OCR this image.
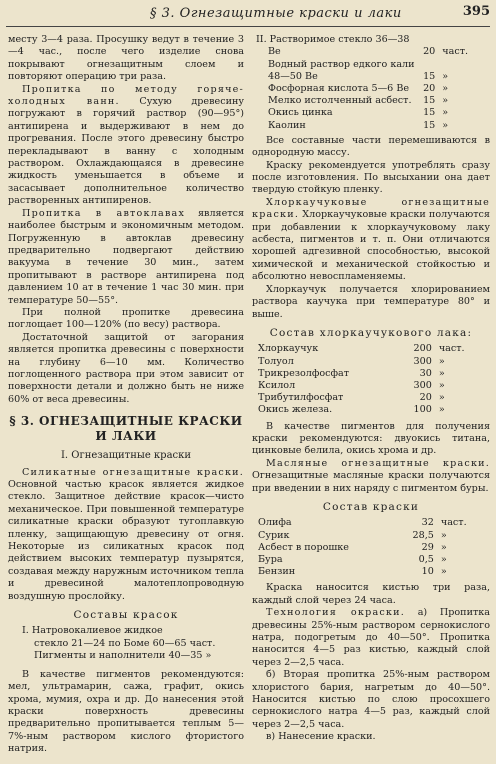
§ 3. Огнезащитные краски и лаки	395

месту 3—4 раза. Просушку ведут в течение 3—4 час., после чего изделие снова покрывают огнезащитным слоем и повторяют операцию три раза.

Пропитка по методу горяче-холодных ванн. Сухую древесину погружают в горячий раствор (90—95°) антипирена и выдерживают в нем до прогревания. После этого древесину быстро перекладывают в ванну с холодным раствором. Охлаждающаяся в древесине жидкость уменьшается в объеме и засасывает дополнительное количество растворенных антипиренов.

Пропитка в автоклавах является наиболее быстрым и экономичным методом. Погруженную в автоклав древесину предварительно подвергают действию вакуума в течение 30 мин., затем пропитывают в растворе антипирена под давлением 10 ат в течение 1 час 30 мин. при температуре 50—55°.

При полной пропитке древесина поглощает 100—120% (по весу) раствора.

Достаточной защитой от загорания является пропитка древесины с поверхности на глубину 6—10 мм. Количество поглощенного раствора при этом зависит от поверхности детали и должно быть не ниже 60% от веса древесины.

§ 3. ОГНЕЗАЩИТНЫЕ КРАСКИ И ЛАКИ
I. Огнезащитные краски

Силикатные огнезащитные краски. Основной частью красок является жидкое стекло. Защитное действие красок—чисто механическое. При повышенной температуре силикатные краски образуют тугоплавкую пленку, защищающую древесину от огня. Некоторые из силикатных красок под действием высоких температур пузырятся, создавая между наружным источником тепла и древесиной малотеплопроводную воздушную прослойку.

Составы красок
I. Натровокалиевое жидкое
стекло 21—24 по Боме 60—65 част.
Пигменты и наполнители 40—35 »

В качестве пигментов рекомендуются: мел, ультрамарин, сажа, графит, окись хрома, мумия, охра и др. До нанесения этой краски поверхность древесины предварительно пропитывается теплым 5—7%-ным раствором кислого фтористого натрия.

II. Растворимое стекло 36—38
Be	20	част.
Водный раствор едкого кали 48—50 Be	15	»
Фосфорная кислота 5—6 Be	20	»
Мелко истолченный асбест.	15	»
Окись цинка	15	»
Каолин	15	»

Все составные части перемешиваются в однородную массу.

Краску рекомендуется употреблять сразу после изготовления. По высыхании она дает твердую стойкую пленку.

Хлоркаучуковые огнезащитные краски. Хлоркаучуковые краски получаются при добавлении к хлоркаучуковому лаку асбеста, пигментов и т. п. Они отличаются хорошей адгезивной способностью, высокой химической и механической стойкостью и абсолютно невоспламеняемы.

Хлоркаучук получается хлорированием раствора каучука при температуре 80° и выше.

Состав хлоркаучукового лака:
Хлоркаучук	200	част.
Толуол	300	»
Трикрезолфосфат	30	»
Ксилол	300	»
Трибутилфосфат	20	»
Окись железа.	100	»

В качестве пигментов для получения краски рекомендуются: двуокись титана, цинковые белила, окись хрома и др.

Масляные огнезащитные краски. Огнезащитные масляные краски получаются при введении в них наряду с пигментом буры.

Состав краски
Олифа	32	част.
Сурик	28,5	»
Асбест в порошке	29	»
Бура	0,5	»
Бензин	10	»

Краска наносится кистью три раза, каждый слой через 24 часа.

Технология окраски. а) Пропитка древесины 25%-ным раствором сернокислого натра, подогретым до 40—50°. Пропитка наносится 4—5 раз кистью, каждый слой через 2—2,5 часа.

б) Вторая пропитка 25%-ным раствором хлористого бария, нагретым до 40—50°. Наносится кистью по слою просохшего сернокислого натра 4—5 раз, каждый слой через 2—2,5 часа.

в) Нанесение краски.
